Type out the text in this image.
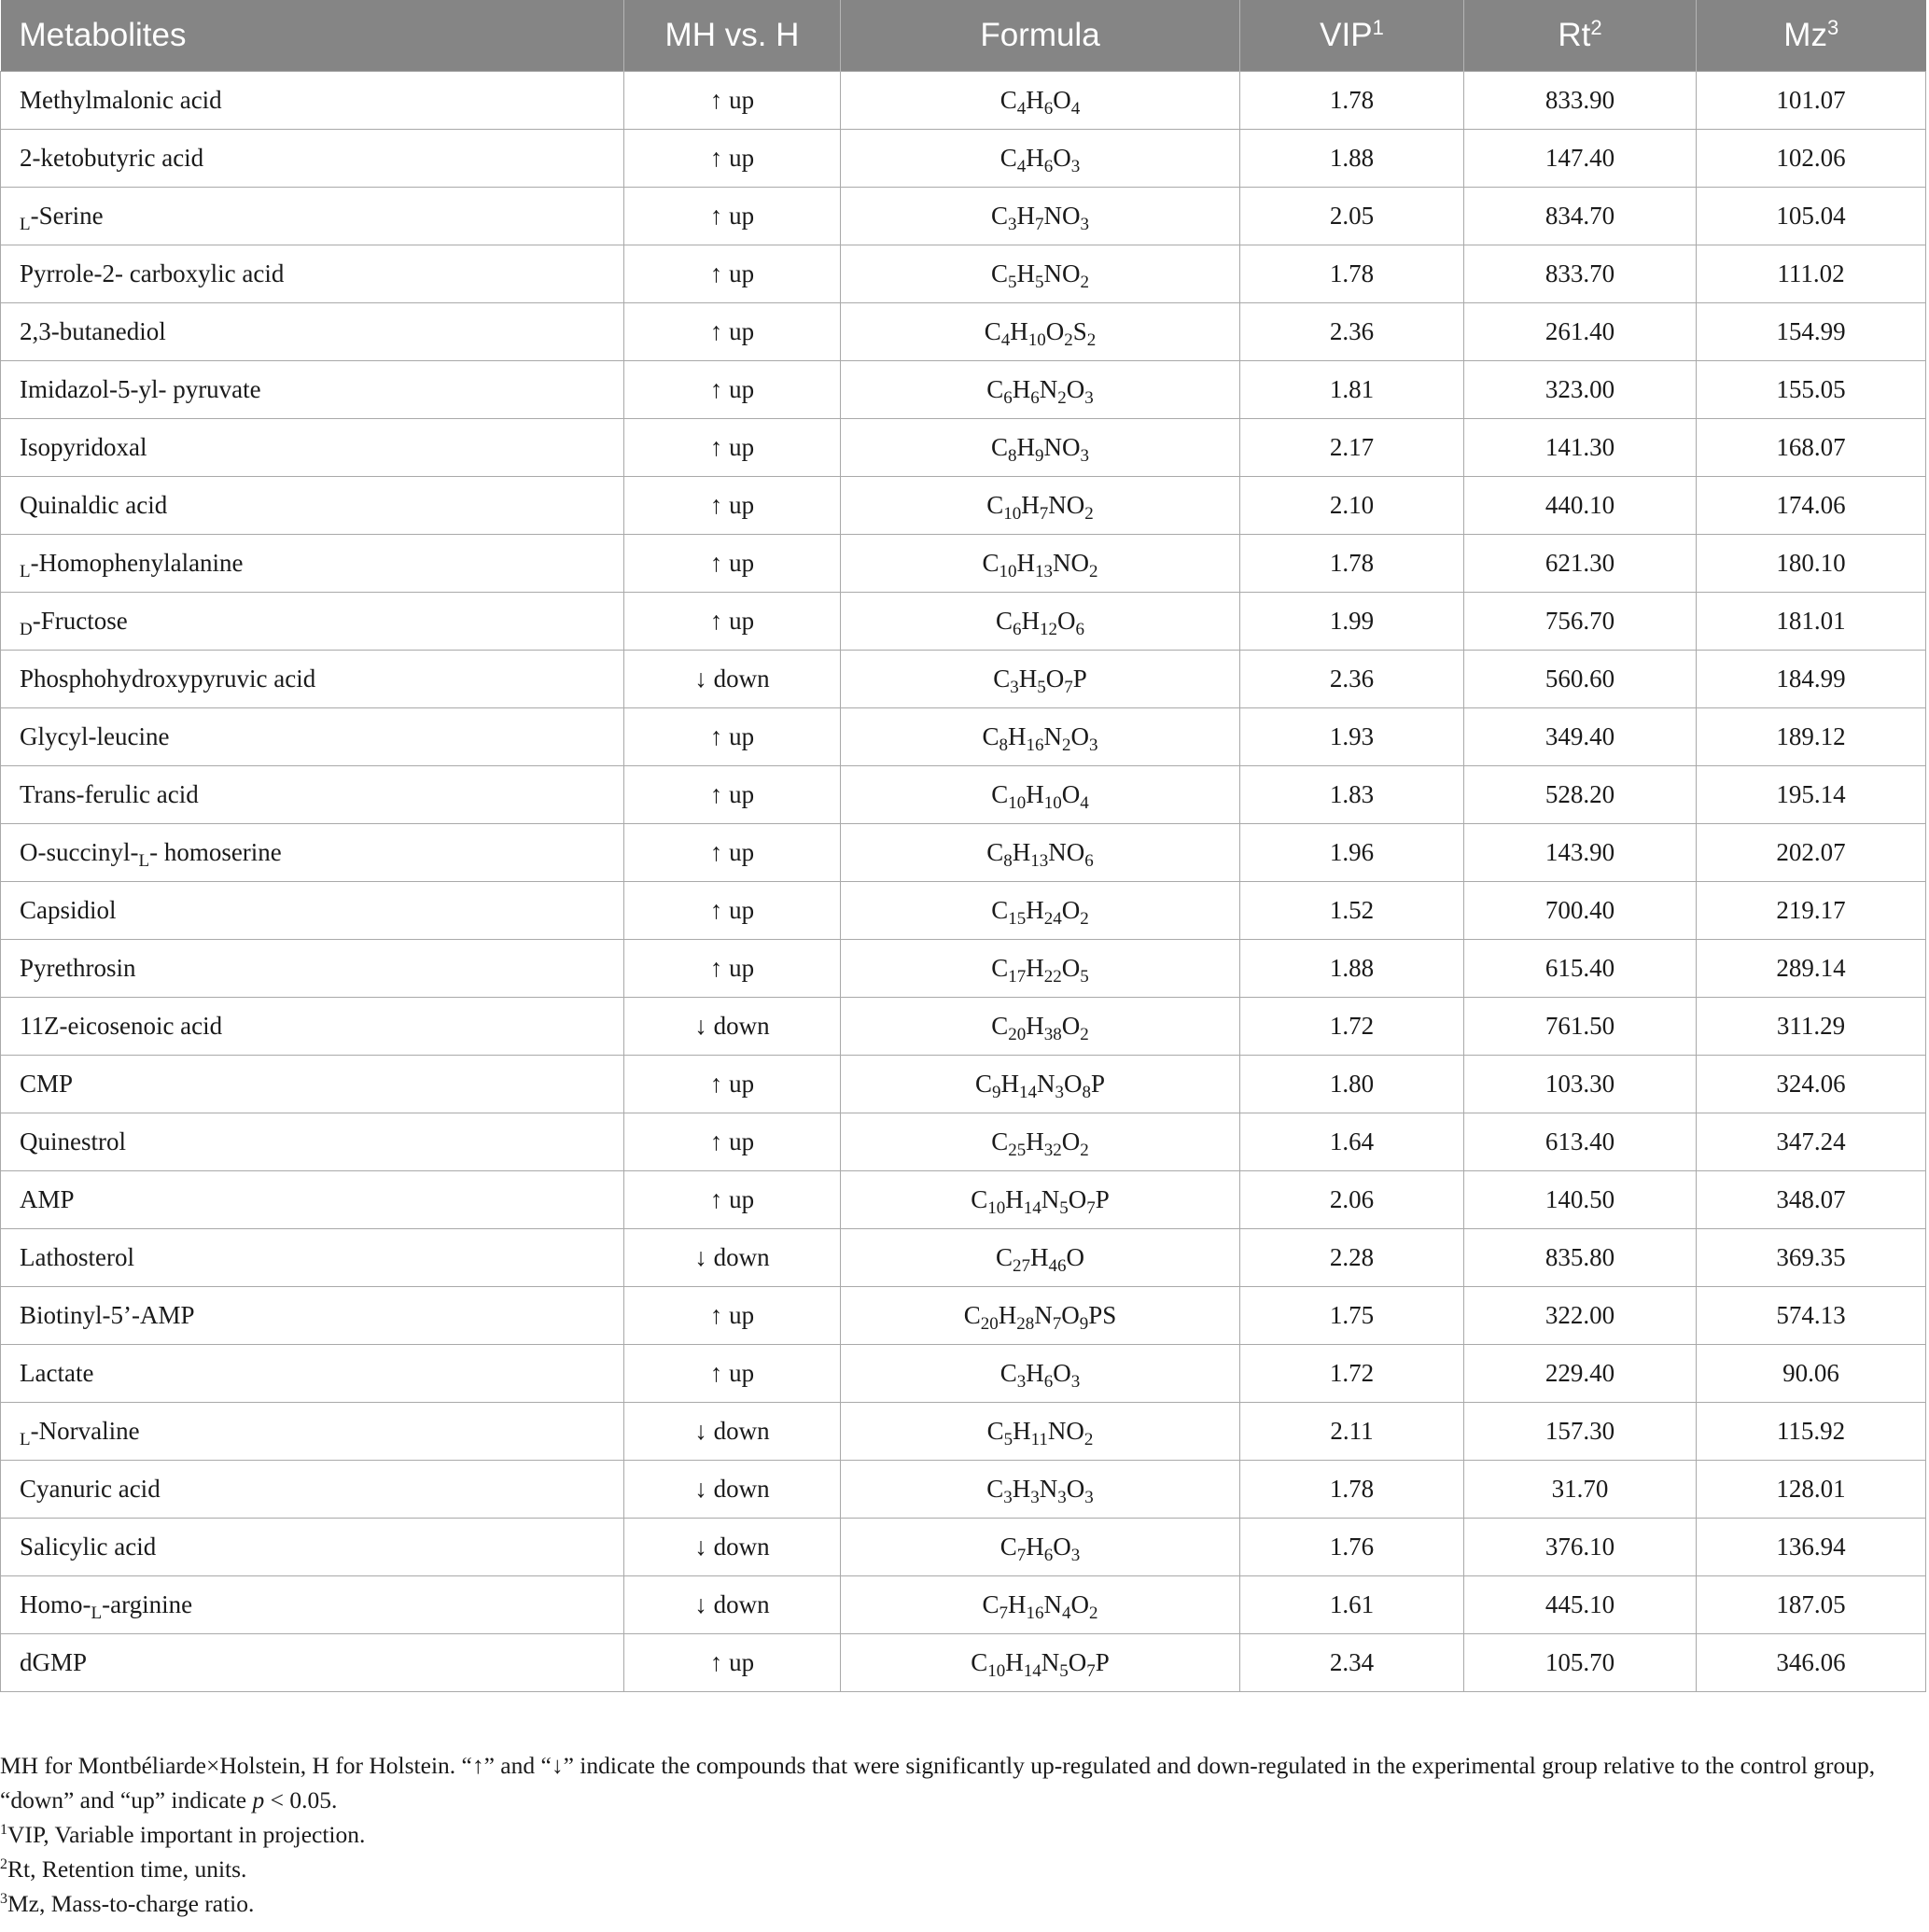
Metabolites	MH vs. H	Formula	VIP$^1$	Rt$^2$	Mz$^3$
Methylmalonic acid	↑ up	$C_4H_6O_4$	1.78	833.90	101.07
2-ketobutyric acid	↑ up	$C_4H_6O_3$	1.88	147.40	102.06
$_L$-Serine	↑ up	$C_3H_7NO_3$	2.05	834.70	105.04
Pyrrole-2- carboxylic acid	↑ up	$C_5H_5NO_2$	1.78	833.70	111.02
2,3-butanediol	↑ up	$C_4H_{10}O_2S_2$	2.36	261.40	154.99
Imidazol-5-yl- pyruvate	↑ up	$C_6H_6N_2O_3$	1.81	323.00	155.05
Isopyridoxal	↑ up	$C_8H_9NO_3$	2.17	141.30	168.07
Quinaldic acid	↑ up	$C_{10}H_7NO_2$	2.10	440.10	174.06
$_L$-Homophenylalanine	↑ up	$C_{10}H_{13}NO_2$	1.78	621.30	180.10
$_D$-Fructose	↑ up	$C_6H_{12}O_6$	1.99	756.70	181.01
Phosphohydroxypyruvic acid	↓ down	$C_3H_5O_7P$	2.36	560.60	184.99
Glycyl-leucine	↑ up	$C_8H_{16}N_2O_3$	1.93	349.40	189.12
Trans-ferulic acid	↑ up	$C_{10}H_{10}O_4$	1.83	528.20	195.14
$O-succinyl-_L-$ homoserine	↑ up	$C_8H_{13}NO_6$	1.96	143.90	202.07
Capsidiol	↑ up	$C_{15}H_{24}O_2$	1.52	700.40	219.17
Pyrethrosin	↑ up	$C_{17}H_{22}O_5$	1.88	615.40	289.14
11Z-eicosenoic acid	↓ down	$C_{20}H_{38}O_2$	1.72	761.50	311.29
CMP	↑ up	$C_9H_{14}N_3O_8P$	1.80	103.30	324.06
Quinestrol	↑ up	$C_{25}H_{32}O_2$	1.64	613.40	347.24
AMP	↑ up	$C_{10}H_{14}N_5O_7P$	2.06	140.50	348.07
Lathosterol	↓ down	$C_{27}H_{46}O$	2.28	835.80	369.35
Biotinyl-5’-AMP	↑ up	$C_{20}H_{28}N_7O_9PS$	1.75	322.00	574.13
Lactate	↑ up	$C_3H_6O_3$	1.72	229.40	90.06
$_L$-Norvaline	↓ down	$C_5H_{11}NO_2$	2.11	157.30	115.92
Cyanuric acid	↓ down	$C_3H_3N_3O_3$	1.78	31.70	128.01
Salicylic acid	↓ down	$C_7H_6O_3$	1.76	376.10	136.94
Homo-$_L$-arginine	↓ down	$C_7H_{16}N_4O_2$	1.61	445.10	187.05
dGMP	↑ up	$C_{10}H_{14}N_5O_7P$	2.34	105.70	346.06

MH for Montbéliarde×Holstein, H for Holstein. “↑” and “↓” indicate the compounds that were significantly up-regulated and down-regulated in the experimental group relative to the control group, “down” and “up” indicate p < 0.05.

$^1$VIP, Variable important in projection.

$^2$Rt, Retention time, units.

$^3$Mz, Mass-to-charge ratio.
